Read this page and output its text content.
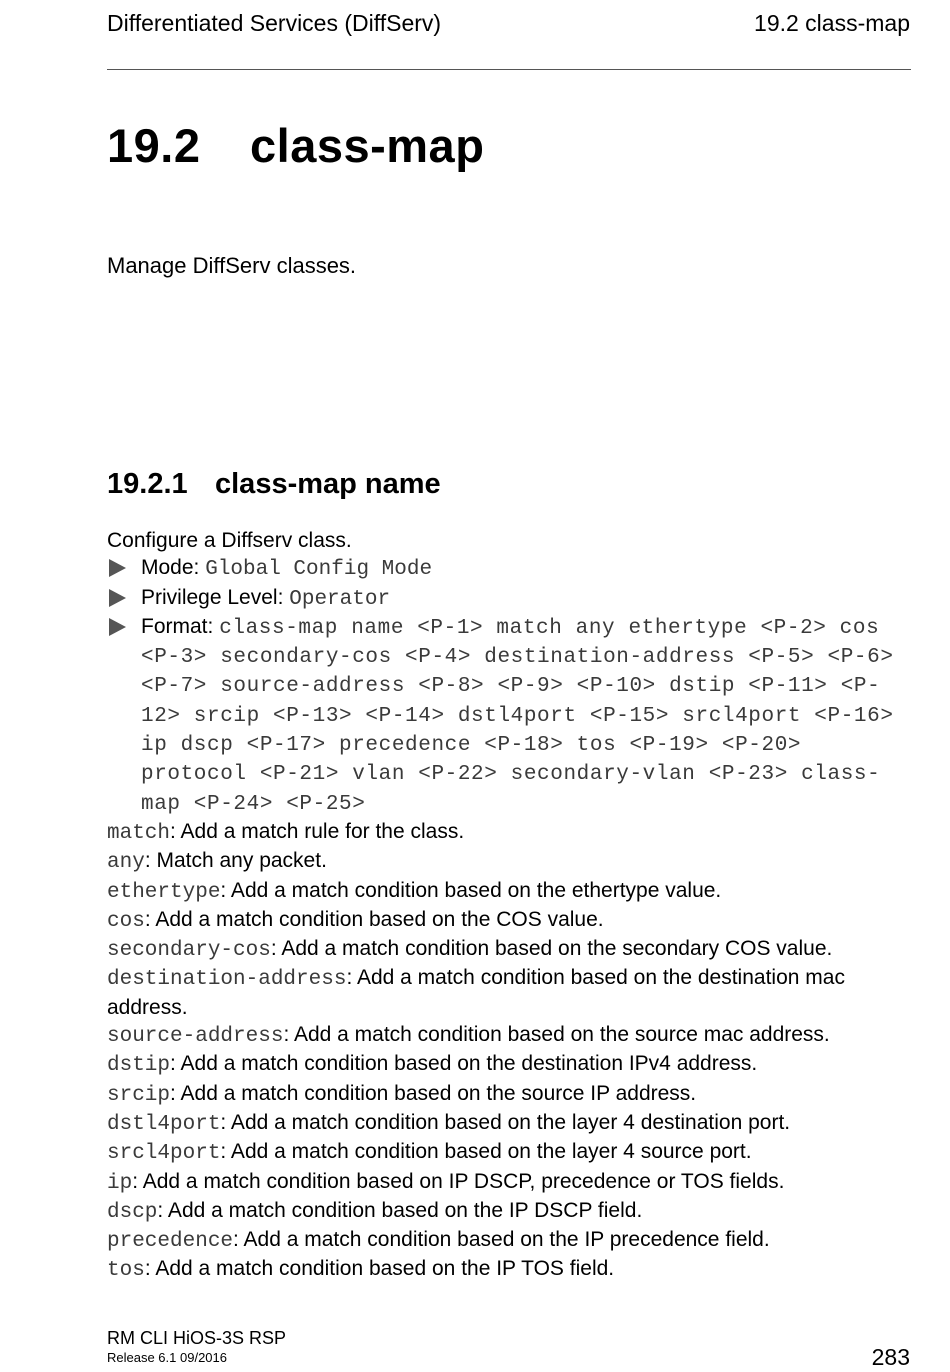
Differentiated Services (DiffServ)	19.2 class-map
19.2 class-map
Manage DiffServ classes.
19.2.1 class-map name

Configure a Diffserv class.

Mode: Global Config Mode

Privilege Level: Operator

Format: class-map name <P-1> match any ethertype <P-2> cos <P-3> secondary-cos <P-4> destination-address <P-5> <P-6> <P-7> source-address <P-8> <P-9> <P-10> dstip <P-11> <P-12> srcip <P-13> <P-14> dstl4port <P-15> srcl4port <P-16> ip dscp <P-17> precedence <P-18> tos <P-19> <P-20> protocol <P-21> vlan <P-22> secondary-vlan <P-23> class-map <P-24> <P-25>

match: Add a match rule for the class.

any: Match any packet.

ethertype: Add a match condition based on the ethertype value.

cos: Add a match condition based on the COS value.

secondary-cos: Add a match condition based on the secondary COS value.

destination-address: Add a match condition based on the destination mac address.

source-address: Add a match condition based on the source mac address.

dstip: Add a match condition based on the destination IPv4 address.

srcip: Add a match condition based on the source IP address.

dstl4port: Add a match condition based on the layer 4 destination port.

srcl4port: Add a match condition based on the layer 4 source port.

ip: Add a match condition based on IP DSCP, precedence or TOS fields.

dscp: Add a match condition based on the IP DSCP field.

precedence: Add a match condition based on the IP precedence field.

tos: Add a match condition based on the IP TOS field.

RM CLI HiOS-3S RSP
Release 6.1 09/2016	283
